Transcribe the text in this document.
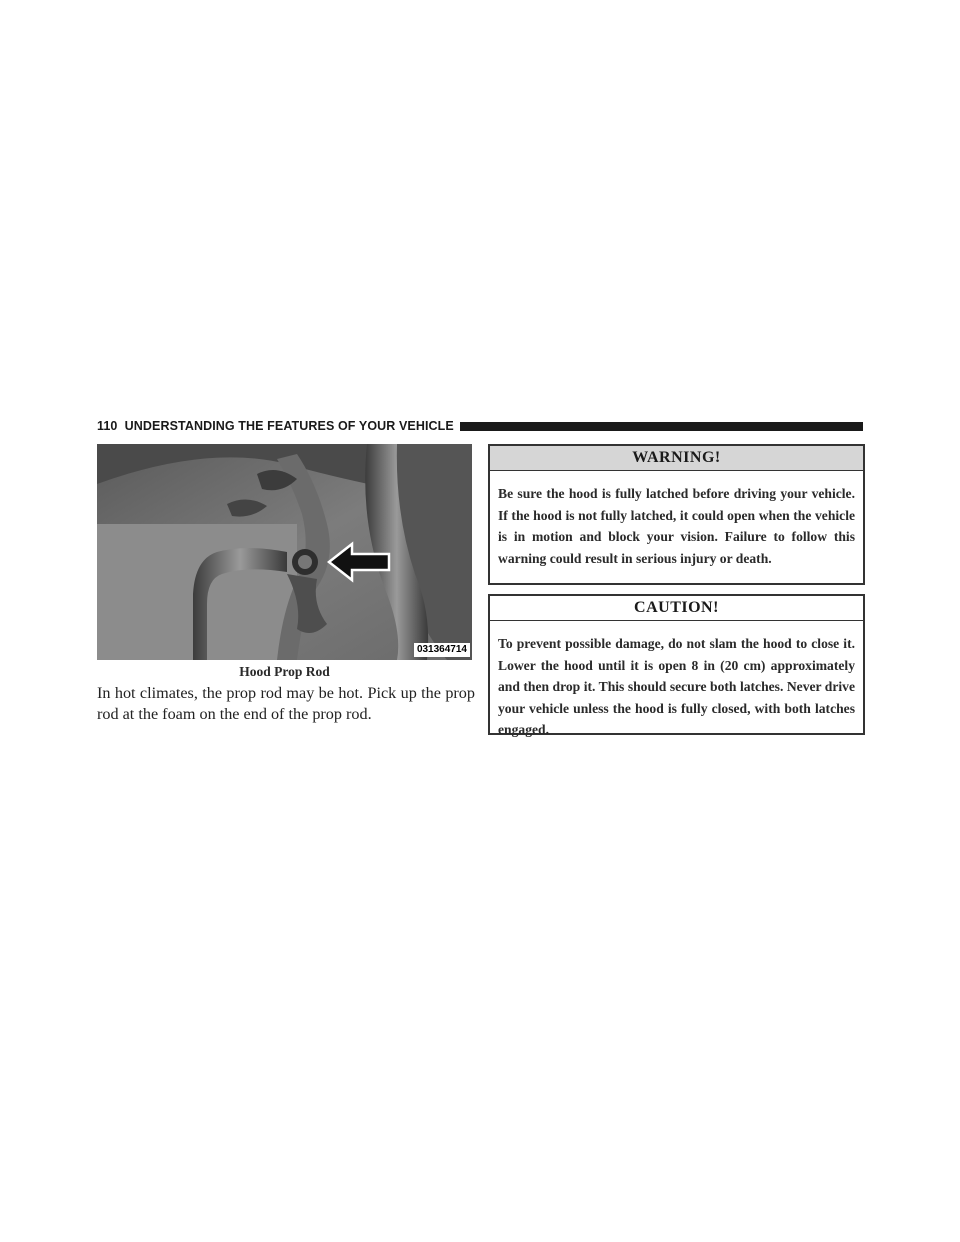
110 UNDERSTANDING THE FEATURES OF YOUR VEHICLE
031364714
Hood Prop Rod
In hot climates, the prop rod may be hot. Pick up the prop rod at the foam on the end of the prop rod.
WARNING!
Be sure the hood is fully latched before driving your vehicle. If the hood is not fully latched, it could open when the vehicle is in motion and block your vision. Failure to follow this warning could result in serious injury or death.
CAUTION!
To prevent possible damage, do not slam the hood to close it. Lower the hood until it is open 8 in (20 cm) approximately and then drop it. This should secure both latches. Never drive your vehicle unless the hood is fully closed, with both latches engaged.
